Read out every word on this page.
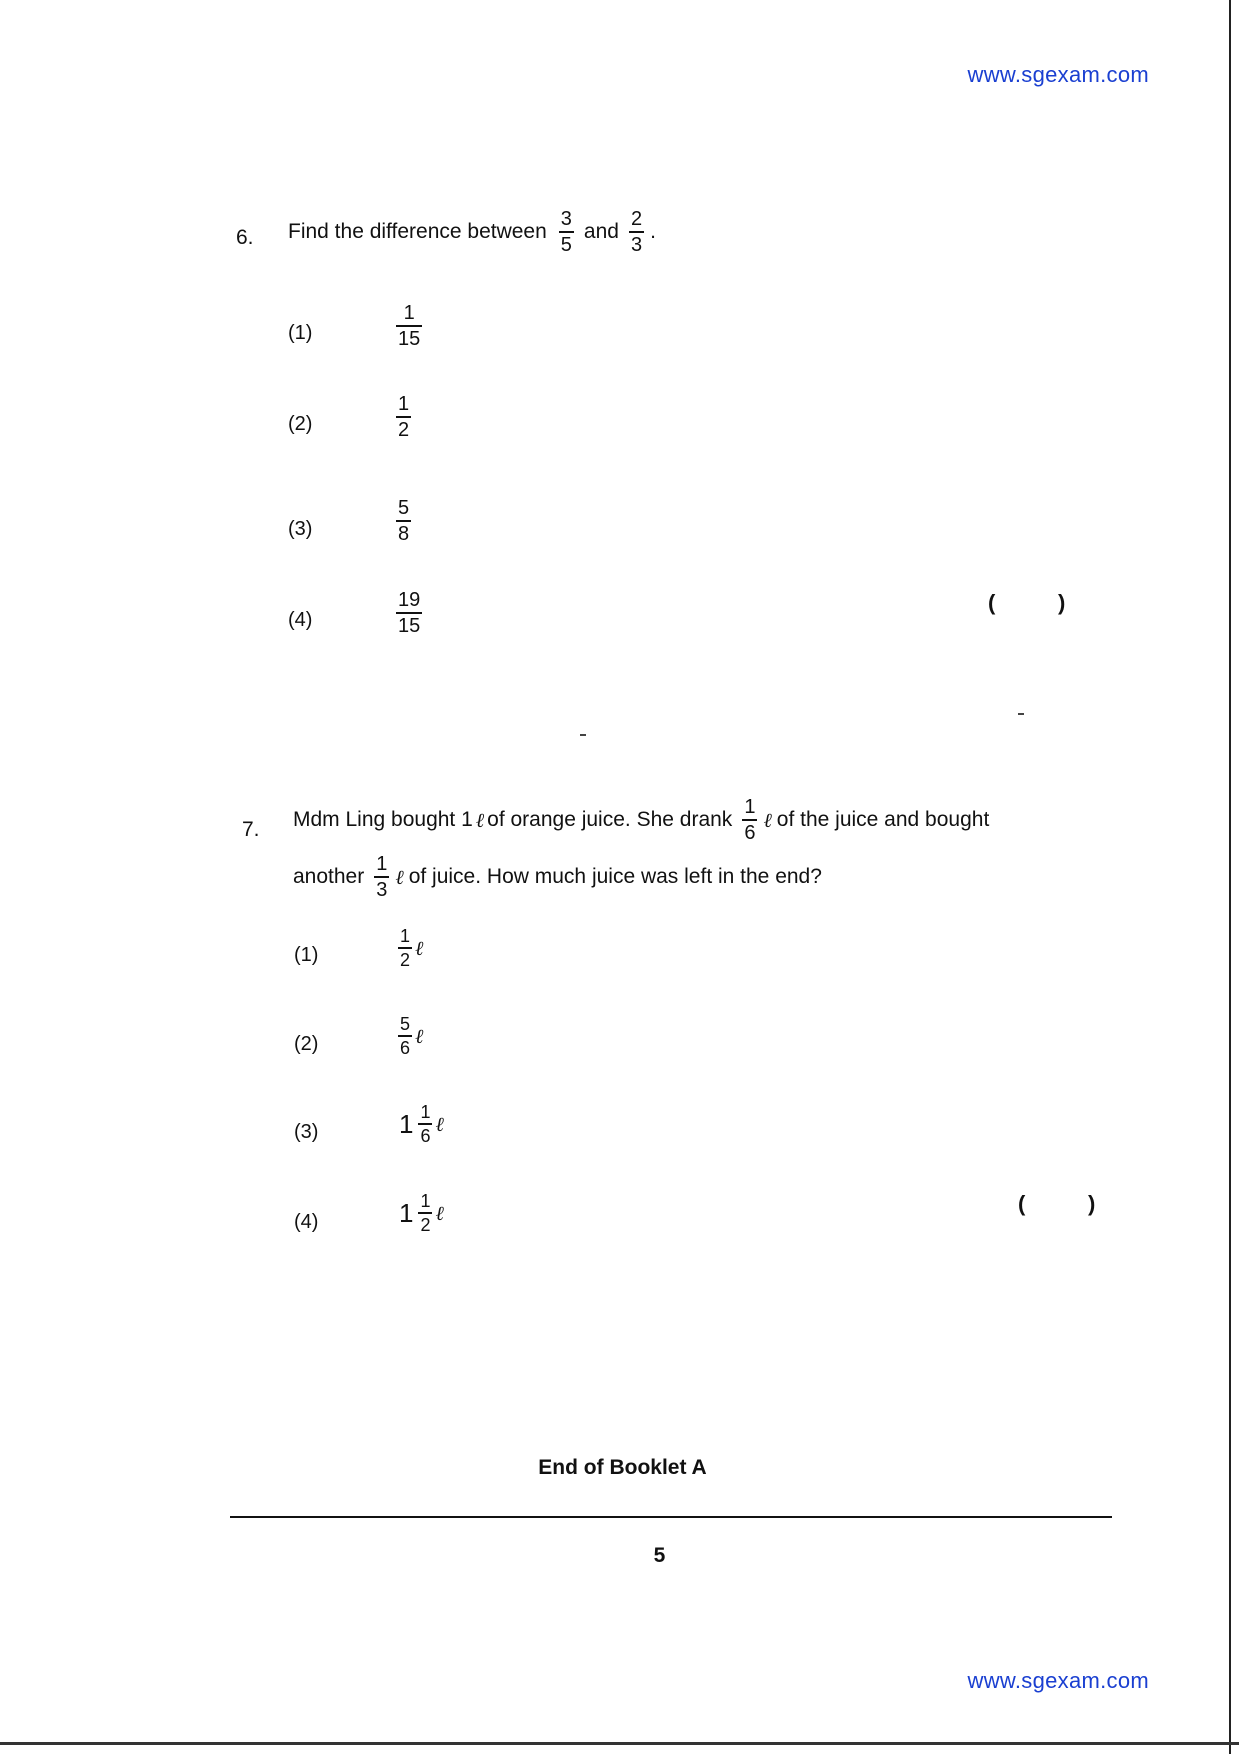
www.sgexam.com
6. Find the difference between $\frac{3}{5}$ and $\frac{2}{3}$ .
(1)	$\frac{1}{15}$
(2)	$\frac{1}{2}$
(3)	$\frac{5}{8}$
(4)	$\frac{19}{15}$	(	)
7. Mdm Ling bought 1 ℓ of orange juice. She drank $\frac{1}{6}$ ℓ of the juice and bought
another $\frac{1}{3}$ ℓ of juice. How much juice was left in the end?
(1)	$\frac{1}{2}$ ℓ
(2)	$\frac{5}{6}$ ℓ
(3)	$1 \frac{1}{6}$ ℓ
(4)	$1 \frac{1}{2}$ ℓ	(	)
End of Booklet A
5
www.sgexam.com
